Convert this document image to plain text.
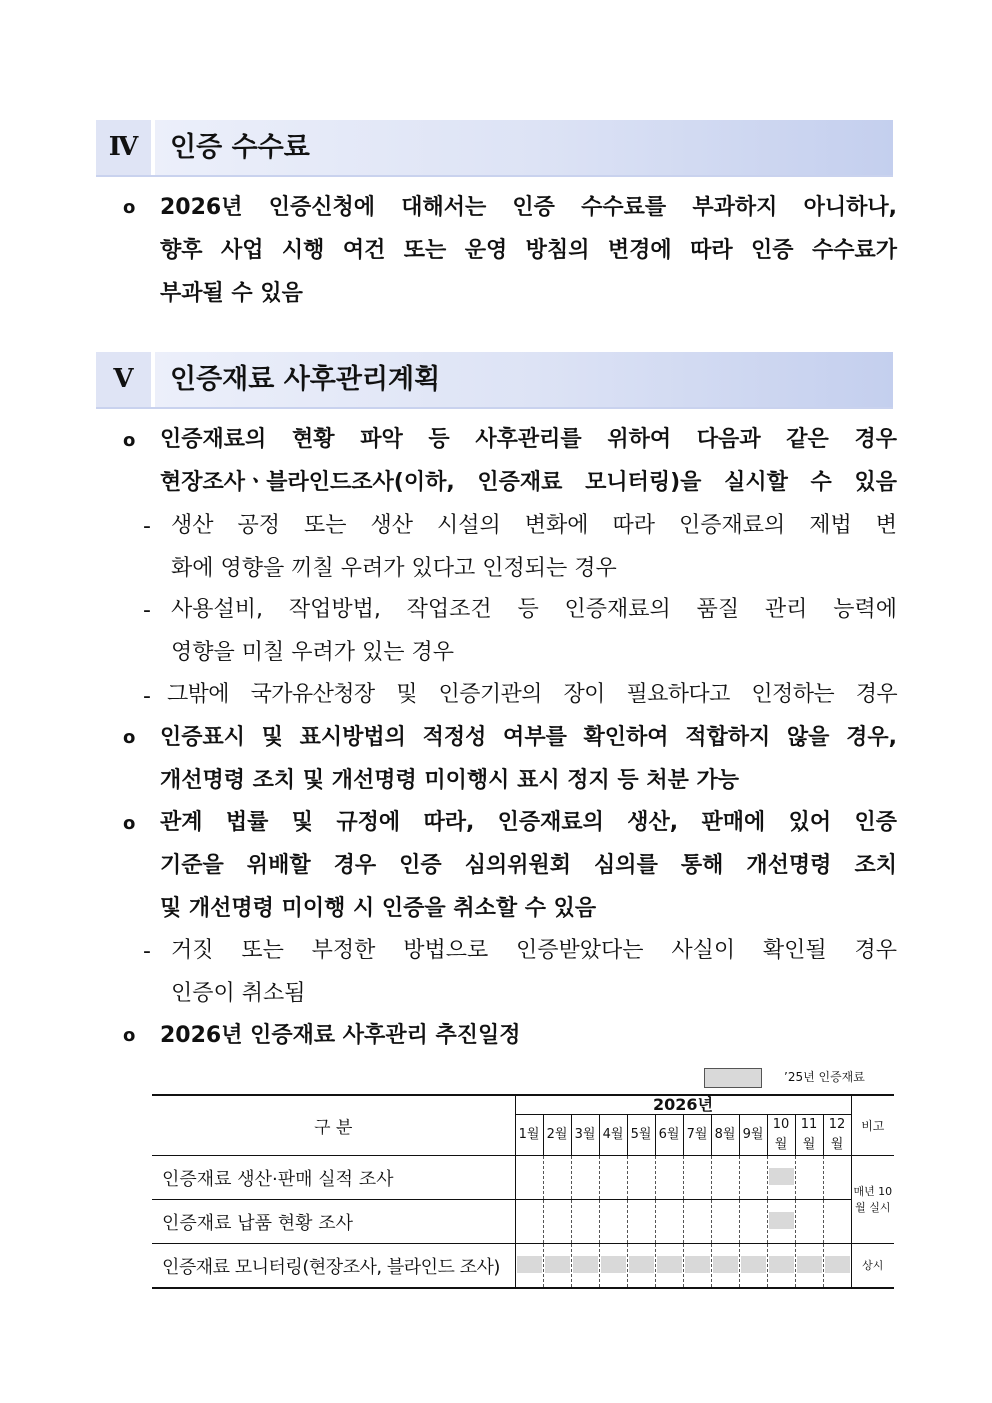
Ⅳ	인증 수수료
o 2026년 인증신청에 대해서는 인증 수수료를 부과하지 아니하나,
향후 사업 시행 여건 또는 운영 방침의 변경에 따라 인증 수수료가
부과될 수 있음
Ⅴ	인증재료 사후관리계획
o 인증재료의 현황 파악 등 사후관리를 위하여 다음과 같은 경우
현장조사ㆍ블라인드조사(이하, 인증재료 모니터링)을 실시할 수 있음
- 생산 공정 또는 생산 시설의 변화에 따라 인증재료의 제법 변
화에 영향을 끼칠 우려가 있다고 인정되는 경우
- 사용설비, 작업방법, 작업조건 등 인증재료의 품질 관리 능력에
영향을 미칠 우려가 있는 경우
- 그밖에 국가유산청장 및 인증기관의 장이 필요하다고 인정하는 경우
o 인증표시 및 표시방법의 적정성 여부를 확인하여 적합하지 않을 경우,
개선명령 조치 및 개선명령 미이행시 표시 정지 등 처분 가능
o 관계 법률 및 규정에 따라, 인증재료의 생산, 판매에 있어 인증
기준을 위배할 경우 인증 심의위원회 심의를 통해 개선명령 조치
및 개선명령 미이행 시 인증을 취소할 수 있음
- 거짓 또는 부정한 방법으로 인증받았다는 사실이 확인될 경우
인증이 취소됨
o 2026년 인증재료 사후관리 추진일정
’25년 인증재료
구 분	2026년												비고
	1월	2월	3월	4월	5월	6월	7월	8월	9월	10월	11월	12월	
인증재료 생산·판매 실적 조사													매년 10월 실시
인증재료 납품 현황 조사											

인증재료 모니터링(현장조사, 블라인드 조사)													상시
